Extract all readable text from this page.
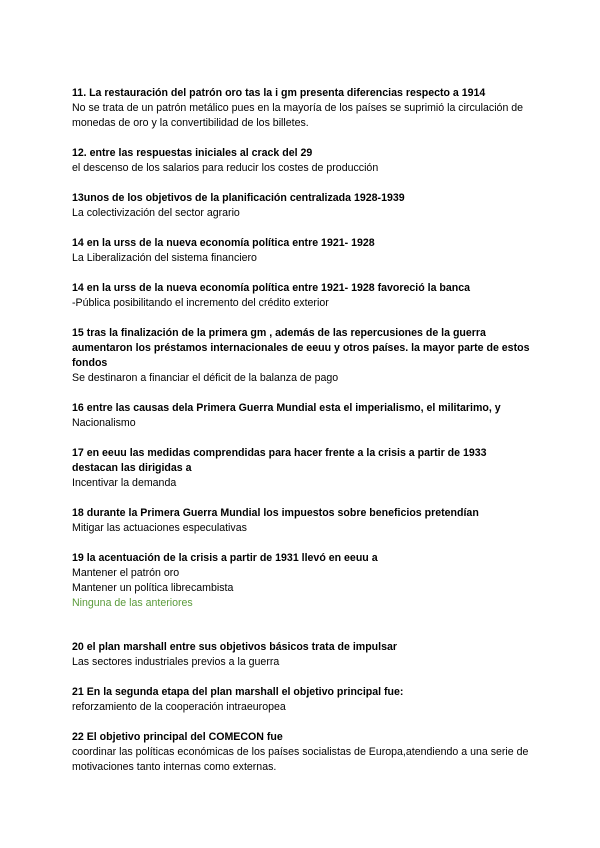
11. La restauración del patrón oro tas la i gm presenta diferencias respecto a 1914

No se trata de un patrón metálico pues en la mayoría de los países se suprimió la circulación de monedas de oro y la convertibilidad de los billetes.

12. entre las respuestas iniciales al crack del 29

el descenso de los salarios para reducir los costes de producción

13unos de los objetivos de la planificación centralizada 1928-1939

La colectivización del sector agrario

14 en la urss de la nueva economía política entre 1921- 1928

La Liberalización del sistema financiero

14 en la urss de la nueva economía política entre 1921- 1928 favoreció la banca

-Pública posibilitando el incremento del crédito exterior

15 tras la finalización de la primera gm , además de las repercusiones de la guerra aumentaron los préstamos internacionales de eeuu y otros países. la mayor parte de estos fondos

Se destinaron a financiar el déficit de la balanza de pago

16 entre las causas dela Primera Guerra Mundial esta el imperialismo, el militarimo, y

Nacionalismo

17 en eeuu las medidas comprendidas para hacer frente a la crisis a partir de 1933 destacan las dirigidas a

Incentivar la demanda

18 durante la Primera Guerra Mundial los impuestos sobre beneficios pretendían

Mitigar las actuaciones especulativas

19 la acentuación de la crisis a partir de 1931 llevó en eeuu a

Mantener el patrón oro

Mantener un política librecambista

Ninguna de las anteriores

20 el plan marshall entre sus objetivos básicos trata de impulsar

Las sectores industriales previos a la guerra

21 En la segunda etapa del plan marshall el objetivo principal fue:

reforzamiento de la cooperación intraeuropea

22 El objetivo principal del COMECON fue

coordinar las políticas económicas de los países socialistas de Europa,atendiendo a una serie de motivaciones tanto internas como externas.
